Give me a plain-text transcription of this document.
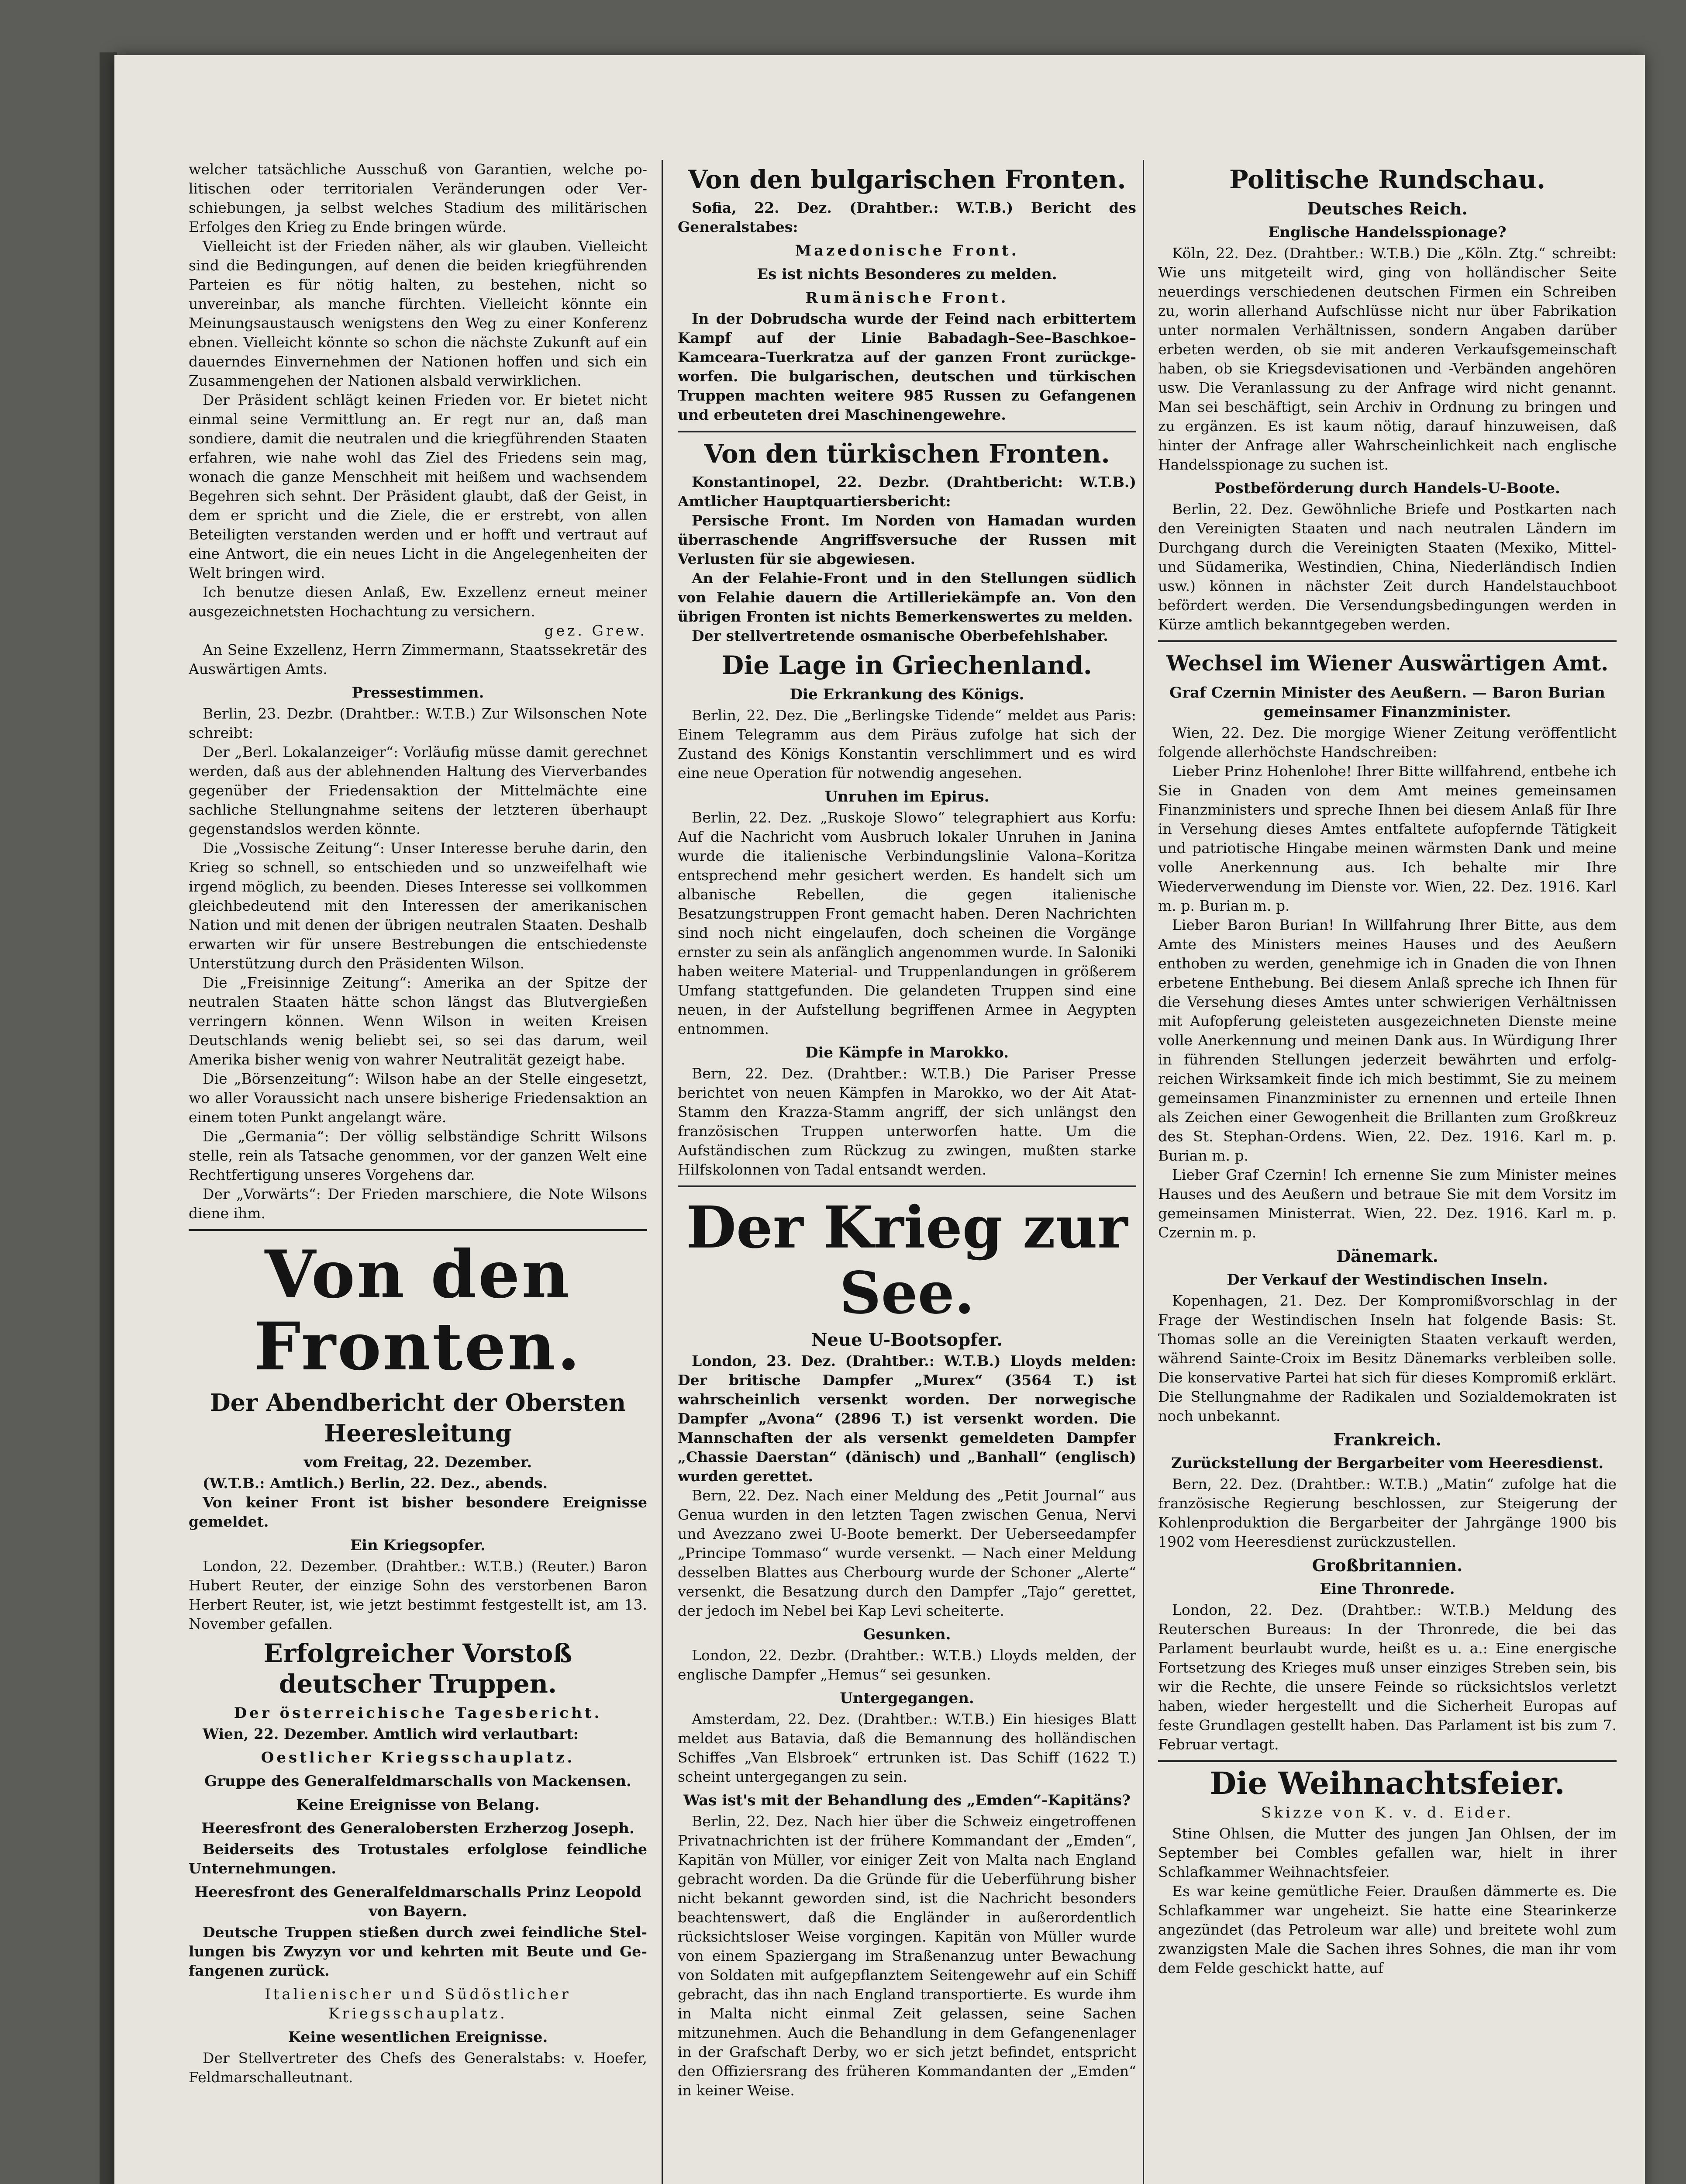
welcher tatsächliche Ausschuß von Garantien, welche politischen oder territorialen Veränderungen oder Verschiebungen, ja selbst welches Stadium des militärischen Erfolges den Krieg zu Ende bringen würde.

Vielleicht ist der Frieden näher, als wir glauben. Vielleicht sind die Bedingungen, auf denen die beiden kriegführenden Parteien es für nötig halten, zu bestehen, nicht so unvereinbar, als manche fürchten. Vielleicht könnte ein Meinungsaustausch wenigstens den Weg zu einer Konferenz ebnen. Vielleicht könnte so schon die nächste Zukunft auf ein dauerndes Einvernehmen der Nationen hoffen und sich ein Zusammengehen der Nationen alsbald verwirklichen.

Der Präsident schlägt keinen Frieden vor. Er bietet nicht einmal seine Vermittlung an. Er regt nur an, daß man sondiere, damit die neutralen und die kriegführenden Staaten erfahren, wie nahe wohl das Ziel des Friedens sein mag, wonach die ganze Menschheit mit heißem und wachsendem Begehren sich sehnt. Der Präsident glaubt, daß der Geist, in dem er spricht und die Ziele, die er erstrebt, von allen Beteiligten verstanden werden und er hofft und vertraut auf eine Antwort, die ein neues Licht in die Angelegenheiten der Welt bringen wird.

Ich benutze diesen Anlaß, Ew. Exzellenz erneut meiner ausgezeichnetsten Hochachtung zu versichern.

gez. Grew.

An Seine Exzellenz, Herrn Zimmermann, Staatssekretär des Auswärtigen Amts.

Pressestimmen.

Berlin, 23. Dezbr. (Drahtber.: W.T.B.) Zur Wilsonschen Note schreibt:

Der „Berl. Lokalanzeiger“: Vorläufig müsse damit gerechnet werden, daß aus der ablehnenden Haltung des Vierverbandes gegenüber der Friedensaktion der Mittelmächte eine sachliche Stellungnahme seitens der letzteren überhaupt gegenstandslos werden könnte.

Die „Vossische Zeitung“: Unser Interesse beruhe darin, den Krieg so schnell, so entschieden und so unzweifelhaft wie irgend möglich, zu beenden. Dieses Interesse sei vollkommen gleichbedeutend mit den Interessen der amerikanischen Nation und mit denen der übrigen neutralen Staaten. Deshalb erwarten wir für unsere Bestrebungen die entschiedenste Unterstützung durch den Präsidenten Wilson.

Die „Freisinnige Zeitung“: Amerika an der Spitze der neutralen Staaten hätte schon längst das Blutvergießen verringern können. Wenn Wilson in weiten Kreisen Deutschlands wenig beliebt sei, so sei das darum, weil Amerika bisher wenig von wahrer Neutralität gezeigt habe.

Die „Börsenzeitung“: Wilson habe an der Stelle eingesetzt, wo aller Voraussicht nach unsere bisherige Friedensaktion an einem toten Punkt angelangt wäre.

Die „Germania“: Der völlig selbständige Schritt Wilsons stelle, rein als Tatsache genommen, vor der ganzen Welt eine Rechtfertigung unseres Vorgehens dar.

Der „Vorwärts“: Der Frieden marschiere, die Note Wilsons diene ihm.

Von den Fronten.
Der Abendbericht der Obersten Heeresleitung
vom Freitag, 22. Dezember.

(W.T.B.: Amtlich.) Berlin, 22. Dez., abends.

Von keiner Front ist bisher besondere Ereignisse gemeldet.

Ein Kriegsopfer.

London, 22. Dezember. (Drahtber.: W.T.B.) (Reuter.) Baron Hubert Reuter, der einzige Sohn des verstorbenen Baron Herbert Reuter, ist, wie jetzt bestimmt festgestellt ist, am 13. November gefallen.

Erfolgreicher Vorstoß deutscher Truppen.
Der österreichische Tagesbericht.

Wien, 22. Dezember. Amtlich wird verlautbart:

Oestlicher Kriegsschauplatz.
Gruppe des Generalfeldmarschalls von Mackensen.
Keine Ereignisse von Belang.
Heeresfront des Generalobersten Erzherzog Joseph.

Beiderseits des Trotustales erfolglose feindliche Unternehmungen.

Heeresfront des Generalfeldmarschalls Prinz Leopold von Bayern.

Deutsche Truppen stießen durch zwei feindliche Stellungen bis Zwyzyn vor und kehrten mit Beute und Gefangenen zurück.

Italienischer und Südöstlicher Kriegsschauplatz.
Keine wesentlichen Ereignisse.

Der Stellvertreter des Chefs des Generalstabs: v. Hoefer, Feldmarschalleutnant.

Von den bulgarischen Fronten.

Sofia, 22. Dez. (Drahtber.: W.T.B.) Bericht des Generalstabes:

Mazedonische Front.
Es ist nichts Besonderes zu melden.
Rumänische Front.

In der Dobrudscha wurde der Feind nach erbittertem Kampf auf der Linie Babadagh–See–Baschkoe–Kamceara–Tuerkratza auf der ganzen Front zurückgeworfen. Die bulgarischen, deutschen und türkischen Truppen machten weitere 985 Russen zu Gefangenen und erbeuteten drei Maschinengewehre.

Von den türkischen Fronten.

Konstantinopel, 22. Dezbr. (Drahtbericht: W.T.B.) Amtlicher Hauptquartiersbericht:

Persische Front. Im Norden von Hamadan wurden überraschende Angriffsversuche der Russen mit Verlusten für sie abgewiesen.

An der Felahie-Front und in den Stellungen südlich von Felahie dauern die Artilleriekämpfe an. Von den übrigen Fronten ist nichts Bemerkenswertes zu melden.

Der stellvertretende osmanische Oberbefehlshaber.

Die Lage in Griechenland.
Die Erkrankung des Königs.

Berlin, 22. Dez. Die „Berlingske Tidende“ meldet aus Paris: Einem Telegramm aus dem Piräus zufolge hat sich der Zustand des Königs Konstantin verschlimmert und es wird eine neue Operation für notwendig angesehen.

Unruhen im Epirus.

Berlin, 22. Dez. „Ruskoje Slowo“ telegraphiert aus Korfu: Auf die Nachricht vom Ausbruch lokaler Unruhen in Janina wurde die italienische Verbindungslinie Valona–Koritza entsprechend mehr gesichert werden. Es handelt sich um albanische Rebellen, die gegen italienische Besatzungstruppen Front gemacht haben. Deren Nachrichten sind noch nicht eingelaufen, doch scheinen die Vorgänge ernster zu sein als anfänglich angenommen wurde. In Saloniki haben weitere Material- und Truppenlandungen in größerem Umfang stattgefunden. Die gelandeten Truppen sind eine neuen, in der Aufstellung begriffenen Armee in Aegypten entnommen.

Die Kämpfe in Marokko.

Bern, 22. Dez. (Drahtber.: W.T.B.) Die Pariser Presse berichtet von neuen Kämpfen in Marokko, wo der Ait Atat-Stamm den Krazza-Stamm angriff, der sich unlängst den französischen Truppen unterworfen hatte. Um die Aufständischen zum Rückzug zu zwingen, mußten starke Hilfskolonnen von Tadal entsandt werden.

Der Krieg zur See.
Neue U-Bootsopfer.

London, 23. Dez. (Drahtber.: W.T.B.) Lloyds melden: Der britische Dampfer „Murex“ (3564 T.) ist wahrscheinlich versenkt worden. Der norwegische Dampfer „Avona“ (2896 T.) ist versenkt worden. Die Mannschaften der als versenkt gemeldeten Dampfer „Chassie Daerstan“ (dänisch) und „Banhall“ (englisch) wurden gerettet.

Bern, 22. Dez. Nach einer Meldung des „Petit Journal“ aus Genua wurden in den letzten Tagen zwischen Genua, Nervi und Avezzano zwei U-Boote bemerkt. Der Ueberseedampfer „Principe Tommaso“ wurde versenkt. — Nach einer Meldung desselben Blattes aus Cherbourg wurde der Schoner „Alerte“ versenkt, die Besatzung durch den Dampfer „Tajo“ gerettet, der jedoch im Nebel bei Kap Levi scheiterte.

Gesunken.

London, 22. Dezbr. (Drahtber.: W.T.B.) Lloyds melden, der englische Dampfer „Hemus“ sei gesunken.

Untergegangen.

Amsterdam, 22. Dez. (Drahtber.: W.T.B.) Ein hiesiges Blatt meldet aus Batavia, daß die Bemannung des holländischen Schiffes „Van Elsbroek“ ertrunken ist. Das Schiff (1622 T.) scheint untergegangen zu sein.

Was ist's mit der Behandlung des „Emden“-Kapitäns?

Berlin, 22. Dez. Nach hier über die Schweiz eingetroffenen Privatnachrichten ist der frühere Kommandant der „Emden“, Kapitän von Müller, vor einiger Zeit von Malta nach England gebracht worden. Da die Gründe für die Ueberführung bisher nicht bekannt geworden sind, ist die Nachricht besonders beachtenswert, daß die Engländer in außerordentlich rücksichtsloser Weise vorgingen. Kapitän von Müller wurde von einem Spaziergang im Straßenanzug unter Bewachung von Soldaten mit aufgepflanztem Seitengewehr auf ein Schiff gebracht, das ihn nach England transportierte. Es wurde ihm in Malta nicht einmal Zeit gelassen, seine Sachen mitzunehmen. Auch die Behandlung in dem Gefangenenlager in der Grafschaft Derby, wo er sich jetzt befindet, entspricht den Offiziersrang des früheren Kommandanten der „Emden“ in keiner Weise.

Politische Rundschau.
Deutsches Reich.
Englische Handelsspionage?

Köln, 22. Dez. (Drahtber.: W.T.B.) Die „Köln. Ztg.“ schreibt: Wie uns mitgeteilt wird, ging von holländischer Seite neuerdings verschiedenen deutschen Firmen ein Schreiben zu, worin allerhand Aufschlüsse nicht nur über Fabrikation unter normalen Verhältnissen, sondern Angaben darüber erbeten werden, ob sie mit anderen Verkaufsgemeinschaft haben, ob sie Kriegsdevisationen und -Verbänden angehören usw. Die Veranlassung zu der Anfrage wird nicht genannt. Man sei beschäftigt, sein Archiv in Ordnung zu bringen und zu ergänzen. Es ist kaum nötig, darauf hinzuweisen, daß hinter der Anfrage aller Wahrscheinlichkeit nach englische Handelsspionage zu suchen ist.

Postbeförderung durch Handels-U-Boote.

Berlin, 22. Dez. Gewöhnliche Briefe und Postkarten nach den Vereinigten Staaten und nach neutralen Ländern im Durchgang durch die Vereinigten Staaten (Mexiko, Mittel- und Südamerika, Westindien, China, Niederländisch Indien usw.) können in nächster Zeit durch Handelstauchboot befördert werden. Die Versendungsbedingungen werden in Kürze amtlich bekanntgegeben werden.

Wechsel im Wiener Auswärtigen Amt.
Graf Czernin Minister des Aeußern. — Baron Burian gemeinsamer Finanzminister.

Wien, 22. Dez. Die morgige Wiener Zeitung veröffentlicht folgende allerhöchste Handschreiben:

Lieber Prinz Hohenlohe! Ihrer Bitte willfahrend, entbehe ich Sie in Gnaden von dem Amt meines gemeinsamen Finanzministers und spreche Ihnen bei diesem Anlaß für Ihre in Versehung dieses Amtes entfaltete aufopfernde Tätigkeit und patriotische Hingabe meinen wärmsten Dank und meine volle Anerkennung aus. Ich behalte mir Ihre Wiederverwendung im Dienste vor. Wien, 22. Dez. 1916. Karl m. p. Burian m. p.

Lieber Baron Burian! In Willfahrung Ihrer Bitte, aus dem Amte des Ministers meines Hauses und des Aeußern enthoben zu werden, genehmige ich in Gnaden die von Ihnen erbetene Enthebung. Bei diesem Anlaß spreche ich Ihnen für die Versehung dieses Amtes unter schwierigen Verhältnissen mit Aufopferung geleisteten ausgezeichneten Dienste meine volle Anerkennung und meinen Dank aus. In Würdigung Ihrer in führenden Stellungen jederzeit bewährten und erfolgreichen Wirksamkeit finde ich mich bestimmt, Sie zu meinem gemeinsamen Finanzminister zu ernennen und erteile Ihnen als Zeichen einer Gewogenheit die Brillanten zum Großkreuz des St. Stephan-Ordens. Wien, 22. Dez. 1916. Karl m. p. Burian m. p.

Lieber Graf Czernin! Ich ernenne Sie zum Minister meines Hauses und des Aeußern und betraue Sie mit dem Vorsitz im gemeinsamen Ministerrat. Wien, 22. Dez. 1916. Karl m. p. Czernin m. p.

Dänemark.
Der Verkauf der Westindischen Inseln.

Kopenhagen, 21. Dez. Der Kompromißvorschlag in der Frage der Westindischen Inseln hat folgende Basis: St. Thomas solle an die Vereinigten Staaten verkauft werden, während Sainte-Croix im Besitz Dänemarks verbleiben solle. Die konservative Partei hat sich für dieses Kompromiß erklärt. Die Stellungnahme der Radikalen und Sozialdemokraten ist noch unbekannt.

Frankreich.
Zurückstellung der Bergarbeiter vom Heeresdienst.

Bern, 22. Dez. (Drahtber.: W.T.B.) „Matin“ zufolge hat die französische Regierung beschlossen, zur Steigerung der Kohlenproduktion die Bergarbeiter der Jahrgänge 1900 bis 1902 vom Heeresdienst zurückzustellen.

Großbritannien.
Eine Thronrede.

London, 22. Dez. (Drahtber.: W.T.B.) Meldung des Reuterschen Bureaus: In der Thronrede, die bei das Parlament beurlaubt wurde, heißt es u. a.: Eine energische Fortsetzung des Krieges muß unser einziges Streben sein, bis wir die Rechte, die unsere Feinde so rücksichtslos verletzt haben, wieder hergestellt und die Sicherheit Europas auf feste Grundlagen gestellt haben. Das Parlament ist bis zum 7. Februar vertagt.

Die Weihnachtsfeier.
Skizze von K. v. d. Eider.

Stine Ohlsen, die Mutter des jungen Jan Ohlsen, der im September bei Combles gefallen war, hielt in ihrer Schlafkammer Weihnachtsfeier.

Es war keine gemütliche Feier. Draußen dämmerte es. Die Schlafkammer war ungeheizt. Sie hatte eine Stearinkerze angezündet (das Petroleum war alle) und breitete wohl zum zwanzigsten Male die Sachen ihres Sohnes, die man ihr vom dem Felde geschickt hatte, auf
